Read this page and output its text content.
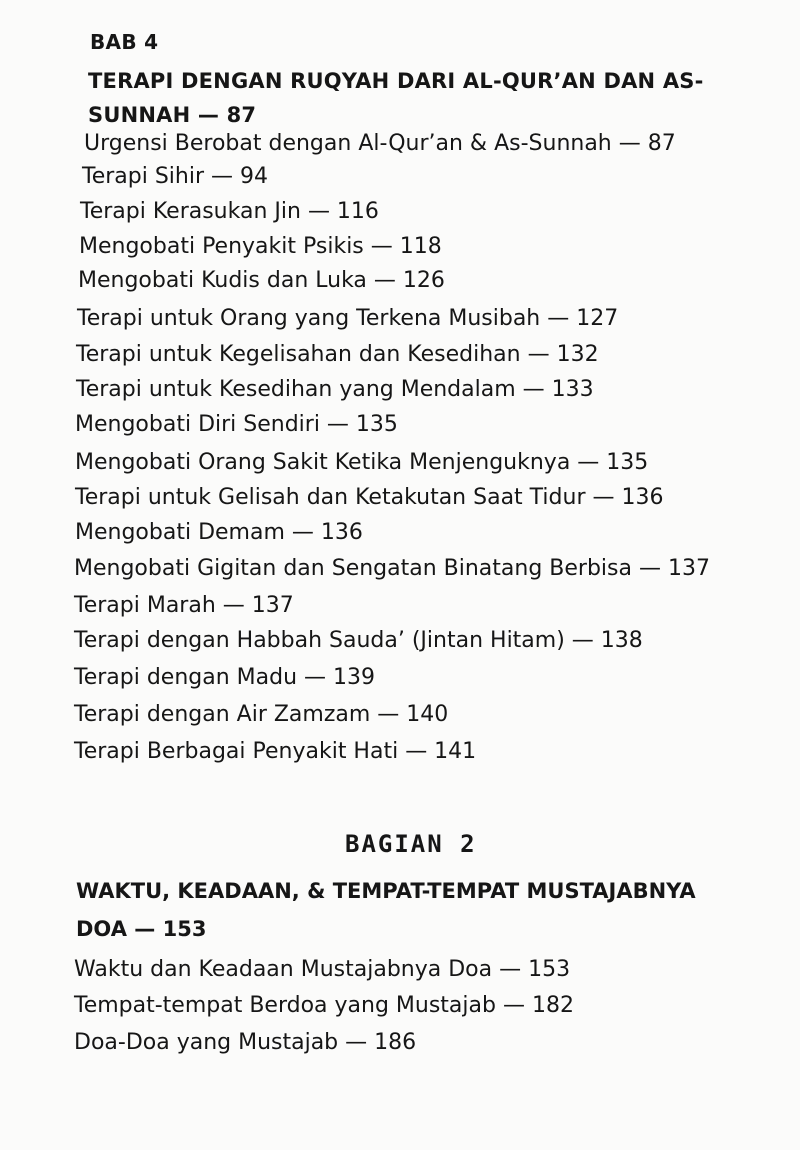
BAB 4
TERAPI DENGAN RUQYAH DARI AL-QUR’AN DAN AS-
SUNNAH — 87
Urgensi Berobat dengan Al-Qur’an & As-Sunnah — 87
Terapi Sihir — 94
Terapi Kerasukan Jin — 116
Mengobati Penyakit Psikis — 118
Mengobati Kudis dan Luka — 126
Terapi untuk Orang yang Terkena Musibah — 127
Terapi untuk Kegelisahan dan Kesedihan — 132
Terapi untuk Kesedihan yang Mendalam — 133
Mengobati Diri Sendiri — 135
Mengobati Orang Sakit Ketika Menjenguknya — 135
Terapi untuk Gelisah dan Ketakutan Saat Tidur — 136
Mengobati Demam — 136
Mengobati Gigitan dan Sengatan Binatang Berbisa — 137
Terapi Marah — 137
Terapi dengan Habbah Sauda’ (Jintan Hitam) — 138
Terapi dengan Madu — 139
Terapi dengan Air Zamzam — 140
Terapi Berbagai Penyakit Hati — 141
BAGIAN 2
WAKTU, KEADAAN, & TEMPAT-TEMPAT MUSTAJABNYA
DOA — 153
Waktu dan Keadaan Mustajabnya Doa — 153
Tempat-tempat Berdoa yang Mustajab — 182
Doa-Doa yang Mustajab — 186
